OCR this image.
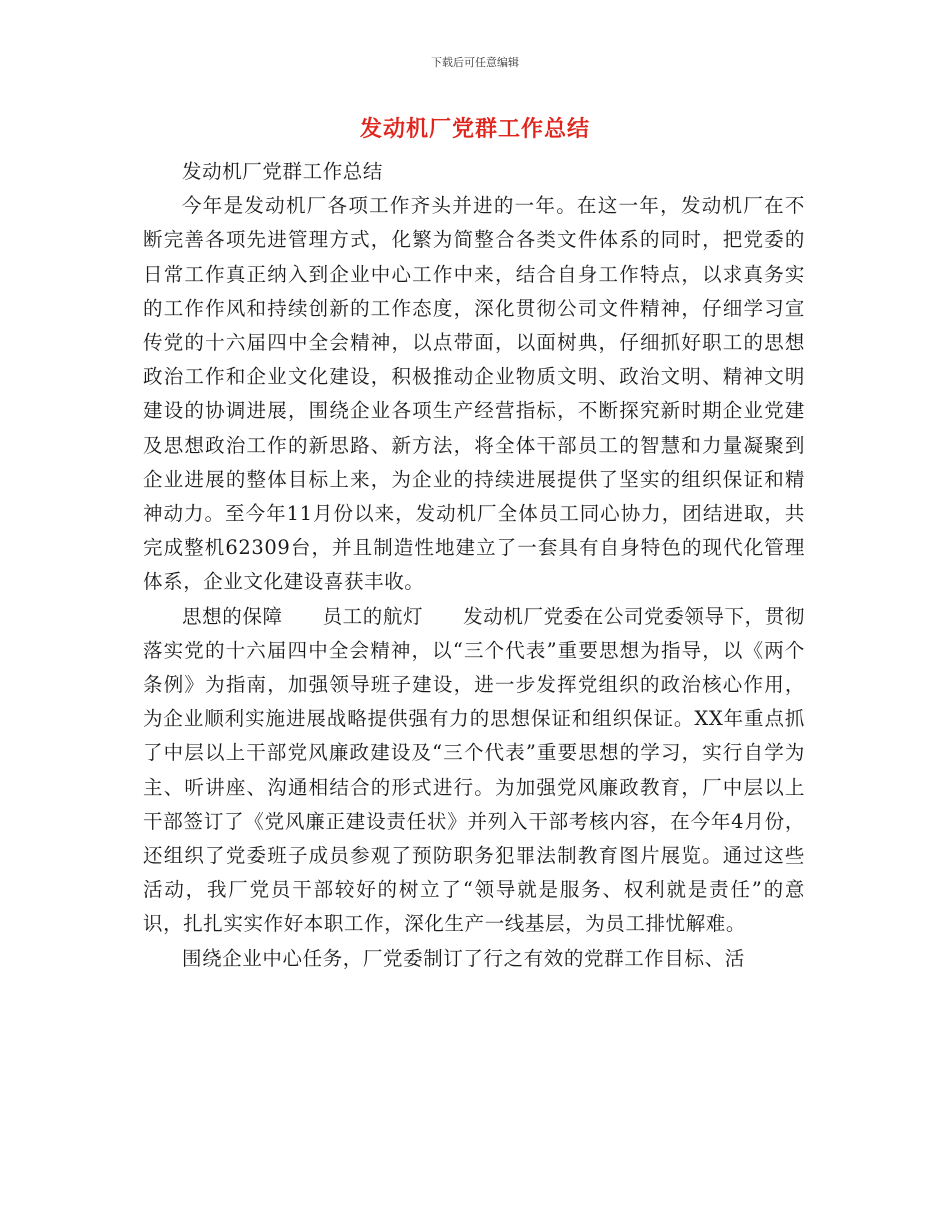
下载后可任意编辑
发动机厂党群工作总结

发动机厂党群工作总结

今年是发动机厂各项工作齐头并进的一年。在这一年，发动机厂在不断完善各项先进管理方式，化繁为简整合各类文件体系的同时，把党委的日常工作真正纳入到企业中心工作中来，结合自身工作特点，以求真务实的工作作风和持续创新的工作态度，深化贯彻公司文件精神，仔细学习宣传党的十六届四中全会精神，以点带面，以面树典，仔细抓好职工的思想政治工作和企业文化建设，积极推动企业物质文明、政治文明、精神文明建设的协调进展，围绕企业各项生产经营指标，不断探究新时期企业党建及思想政治工作的新思路、新方法，将全体干部员工的智慧和力量凝聚到企业进展的整体目标上来，为企业的持续进展提供了坚实的组织保证和精神动力。至今年11月份以来，发动机厂全体员工同心协力，团结进取，共完成整机62309台，并且制造性地建立了一套具有自身特色的现代化管理体系，企业文化建设喜获丰收。

思想的保障 员工的航灯 发动机厂党委在公司党委领导下，贯彻落实党的十六届四中全会精神，以“三个代表”重要思想为指导，以《两个条例》为指南，加强领导班子建设，进一步发挥党组织的政治核心作用，为企业顺利实施进展战略提供强有力的思想保证和组织保证。XX年重点抓了中层以上干部党风廉政建设及“三个代表”重要思想的学习，实行自学为主、听讲座、沟通相结合的形式进行。为加强党风廉政教育，厂中层以上干部签订了《党风廉正建设责任状》并列入干部考核内容，在今年4月份，还组织了党委班子成员参观了预防职务犯罪法制教育图片展览。通过这些活动，我厂党员干部较好的树立了“领导就是服务、权利就是责任”的意识，扎扎实实作好本职工作，深化生产一线基层，为员工排忧解难。

围绕企业中心任务，厂党委制订了行之有效的党群工作目标、活
